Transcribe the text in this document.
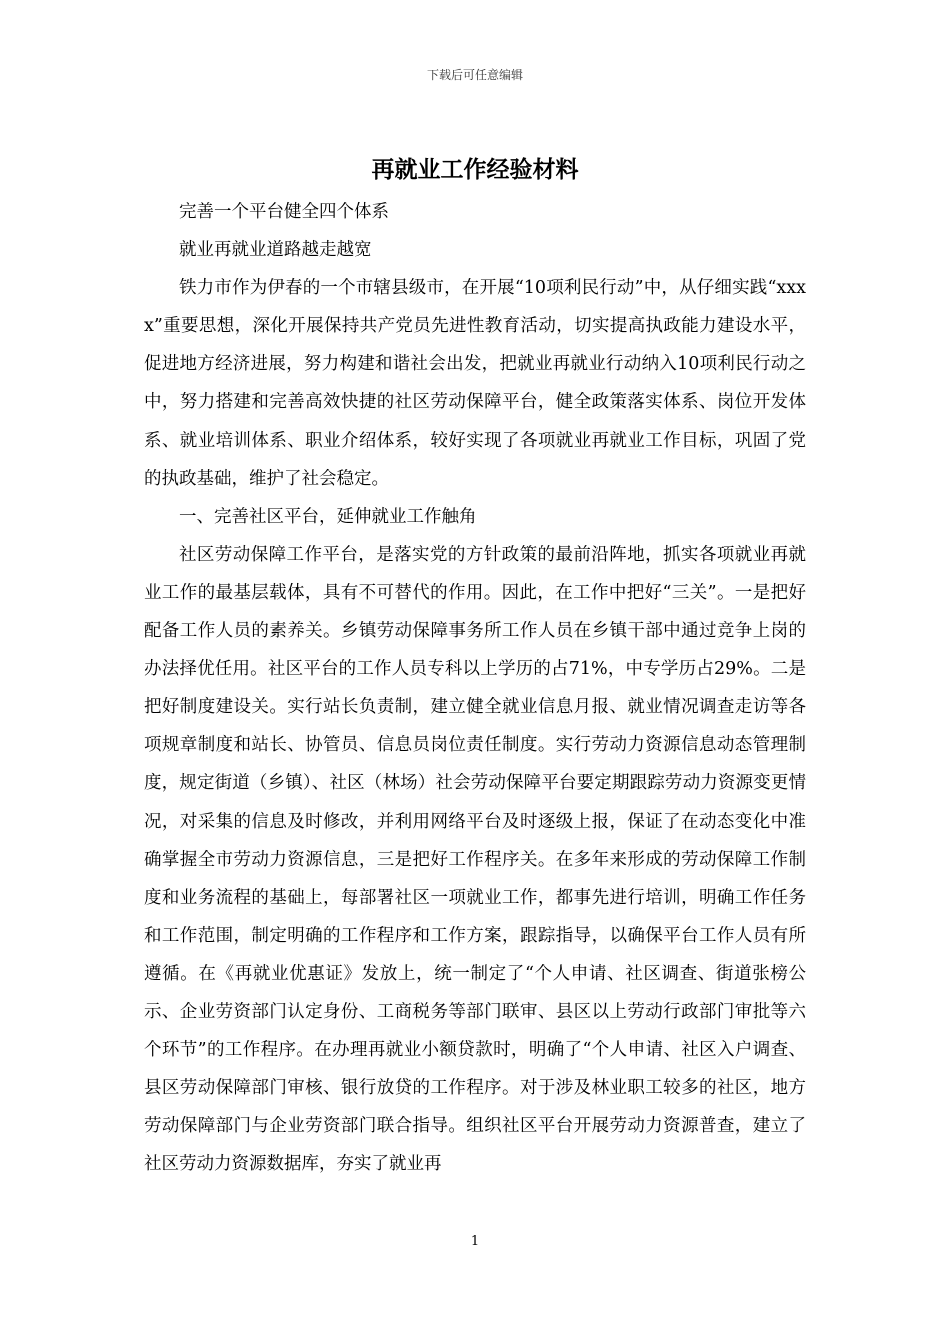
下载后可任意编辑
再就业工作经验材料

完善一个平台健全四个体系

就业再就业道路越走越宽

铁力市作为伊春的一个市辖县级市，在开展“10项利民行动”中，从仔细实践“xxxx”重要思想，深化开展保持共产党员先进性教育活动，切实提高执政能力建设水平，促进地方经济进展，努力构建和谐社会出发，把就业再就业行动纳入10项利民行动之中，努力搭建和完善高效快捷的社区劳动保障平台，健全政策落实体系、岗位开发体系、就业培训体系、职业介绍体系，较好实现了各项就业再就业工作目标，巩固了党的执政基础，维护了社会稳定。

一、完善社区平台，延伸就业工作触角

社区劳动保障工作平台，是落实党的方针政策的最前沿阵地，抓实各项就业再就业工作的最基层载体，具有不可替代的作用。因此，在工作中把好“三关”。一是把好配备工作人员的素养关。乡镇劳动保障事务所工作人员在乡镇干部中通过竞争上岗的办法择优任用。社区平台的工作人员专科以上学历的占71%，中专学历占29%。二是把好制度建设关。实行站长负责制，建立健全就业信息月报、就业情况调查走访等各项规章制度和站长、协管员、信息员岗位责任制度。实行劳动力资源信息动态管理制度，规定街道（乡镇）、社区（林场）社会劳动保障平台要定期跟踪劳动力资源变更情况，对采集的信息及时修改，并利用网络平台及时逐级上报，保证了在动态变化中准确掌握全市劳动力资源信息，三是把好工作程序关。在多年来形成的劳动保障工作制度和业务流程的基础上，每部署社区一项就业工作，都事先进行培训，明确工作任务和工作范围，制定明确的工作程序和工作方案，跟踪指导，以确保平台工作人员有所遵循。在《再就业优惠证》发放上，统一制定了“个人申请、社区调查、街道张榜公示、企业劳资部门认定身份、工商税务等部门联审、县区以上劳动行政部门审批等六个环节”的工作程序。在办理再就业小额贷款时，明确了“个人申请、社区入户调查、县区劳动保障部门审核、银行放贷的工作程序。对于涉及林业职工较多的社区，地方劳动保障部门与企业劳资部门联合指导。组织社区平台开展劳动力资源普查，建立了社区劳动力资源数据库，夯实了就业再

1
